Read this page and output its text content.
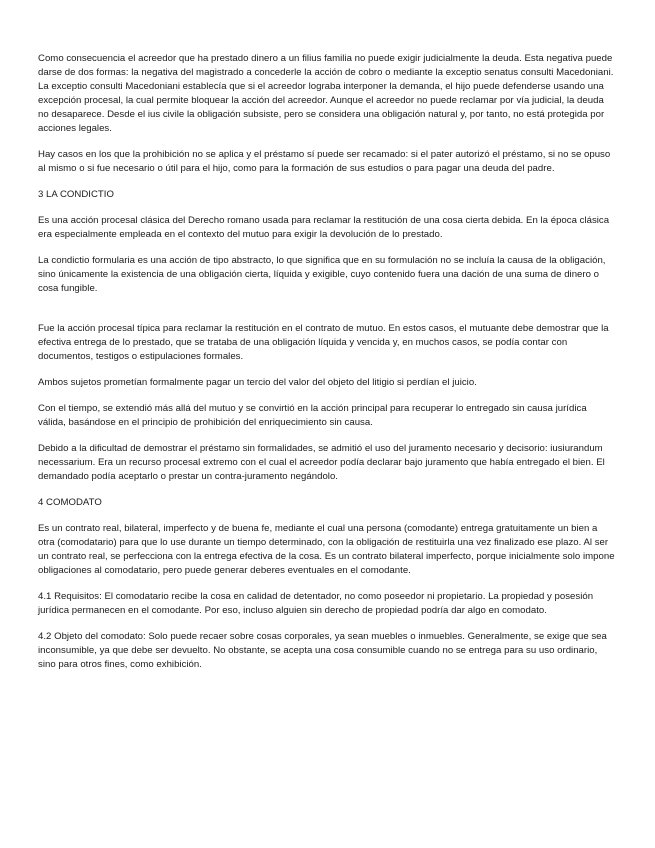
Como consecuencia el acreedor que ha prestado dinero a un filius familia no puede exigir judicialmente la deuda. Esta negativa puede darse de dos formas: la negativa del magistrado a concederle la acción de cobro o mediante la exceptio senatus consulti Macedoniani. La exceptio consulti Macedoniani establecía que si el acreedor lograba interponer la demanda, el hijo puede defenderse usando una excepción procesal, la cual permite bloquear la acción del acreedor. Aunque el acreedor no puede reclamar por vía judicial, la deuda no desaparece. Desde el ius civile la obligación subsiste, pero se considera una obligación natural y, por tanto, no está protegida por acciones legales.

Hay casos en los que la prohibición no se aplica y el préstamo sí puede ser recamado: si el pater autorizó el préstamo, si no se opuso al mismo o si fue necesario o útil para el hijo, como para la formación de sus estudios o para pagar una deuda del padre.

3 LA CONDICTIO

Es una acción procesal clásica del Derecho romano usada para reclamar la restitución de una cosa cierta debida. En la época clásica era especialmente empleada en el contexto del mutuo para exigir la devolución de lo prestado.

La condictio formularia es una acción de tipo abstracto, lo que significa que en su formulación no se incluía la causa de la obligación, sino únicamente la existencia de una obligación cierta, líquida y exigible, cuyo contenido fuera una dación de una suma de dinero o cosa fungible.

Fue la acción procesal típica para reclamar la restitución en el contrato de mutuo. En estos casos, el mutuante debe demostrar que la efectiva entrega de lo prestado, que se trataba de una obligación líquida y vencida y, en muchos casos, se podía contar con documentos, testigos o estipulaciones formales.

Ambos sujetos prometían formalmente pagar un tercio del valor del objeto del litigio si perdían el juicio.

Con el tiempo, se extendió más allá del mutuo y se convirtió en la acción principal para recuperar lo entregado sin causa jurídica válida, basándose en el principio de prohibición del enriquecimiento sin causa.

Debido a la dificultad de demostrar el préstamo sin formalidades, se admitió el uso del juramento necesario y decisorio: iusiurandum necessarium. Era un recurso procesal extremo con el cual el acreedor podía declarar bajo juramento que había entregado el bien. El demandado podía aceptarlo o prestar un contra-juramento negándolo.

4 COMODATO

Es un contrato real, bilateral, imperfecto y de buena fe, mediante el cual una persona (comodante) entrega gratuitamente un bien a otra (comodatario) para que lo use durante un tiempo determinado, con la obligación de restituirla una vez finalizado ese plazo. Al ser un contrato real, se perfecciona con la entrega efectiva de la cosa. Es un contrato bilateral imperfecto, porque inicialmente solo impone obligaciones al comodatario, pero puede generar deberes eventuales en el comodante.

4.1 Requisitos: El comodatario recibe la cosa en calidad de detentador, no como poseedor ni propietario. La propiedad y posesión jurídica permanecen en el comodante. Por eso, incluso alguien sin derecho de propiedad podría dar algo en comodato.

4.2 Objeto del comodato: Solo puede recaer sobre cosas corporales, ya sean muebles o inmuebles. Generalmente, se exige que sea inconsumible, ya que debe ser devuelto. No obstante, se acepta una cosa consumible cuando no se entrega para su uso ordinario, sino para otros fines, como exhibición.
